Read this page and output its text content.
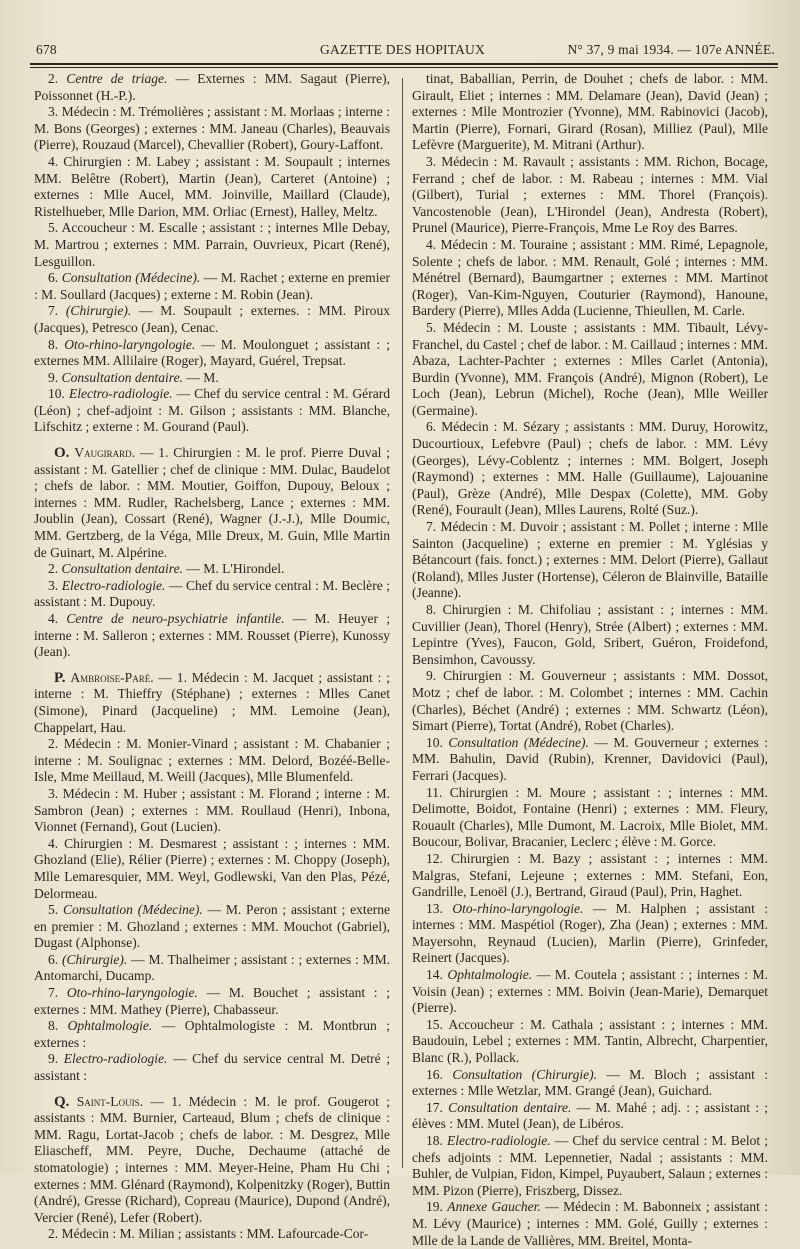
678	GAZETTE DES HOPITAUX	N° 37, 9 mai 1934. — 107e ANNÉE.

2. Centre de triage. — Externes : MM. Sagaut (Pierre), Poissonnet (H.-P.).

3. Médecin : M. Trémolières ; assistant : M. Morlaas ; interne : M. Bons (Georges) ; externes : MM. Janeau (Charles), Beauvais (Pierre), Rouzaud (Marcel), Chevallier (Robert), Goury-Laffont.

4. Chirurgien : M. Labey ; assistant : M. Soupault ; internes MM. Belêtre (Robert), Martin (Jean), Carteret (Antoine) ; externes : Mlle Aucel, MM. Joinville, Maillard (Claude), Ristelhueber, Mlle Darion, MM. Orliac (Ernest), Halley, Meltz.

5. Accoucheur : M. Escalle ; assistant : ; internes Mlle Debay, M. Martrou ; externes : MM. Parrain, Ouvrieux, Picart (René), Lesguillon.

6. Consultation (Médecine). — M. Rachet ; externe en premier : M. Soullard (Jacques) ; externe : M. Robin (Jean).

7. (Chirurgie). — M. Soupault ; externes. : MM. Piroux (Jacques), Petresco (Jean), Cenac.

8. Oto-rhino-laryngologie. — M. Moulonguet ; assistant : ; externes MM. Allilaire (Roger), Mayard, Guérel, Trepsat.

9. Consultation dentaire. — M.

10. Electro-radiologie. — Chef du service central : M. Gérard (Léon) ; chef-adjoint : M. Gilson ; assistants : MM. Blanche, Lifschitz ; externe : M. Gourand (Paul).

O. Vaugirard. — 1. Chirurgien : M. le prof. Pierre Duval ; assistant : M. Gatellier ; chef de clinique : MM. Dulac, Baudelot ; chefs de labor. : MM. Moutier, Goiffon, Dupouy, Beloux ; internes : MM. Rudler, Rachelsberg, Lance ; externes : MM. Joublin (Jean), Cossart (René), Wagner (J.-J.), Mlle Doumic, MM. Gertzberg, de la Véga, Mlle Dreux, M. Guin, Mlle Martin de Guinart, M. Alpérine.

2. Consultation dentaire. — M. L'Hirondel.

3. Electro-radiologie. — Chef du service central : M. Beclère ; assistant : M. Dupouy.

4. Centre de neuro-psychiatrie infantile. — M. Heuyer ; interne : M. Salleron ; externes : MM. Rousset (Pierre), Kunossy (Jean).

P. Ambroise-Paré. — 1. Médecin : M. Jacquet ; assistant : ; interne : M. Thieffry (Stéphane) ; externes : Mlles Canet (Simone), Pinard (Jacqueline) ; MM. Lemoine (Jean), Chappelart, Hau.

2. Médecin : M. Monier-Vinard ; assistant : M. Chabanier ; interne : M. Soulignac ; externes : MM. Delord, Bozéé-Belle-Isle, Mme Meillaud, M. Weill (Jacques), Mlle Blumenfeld.

3. Médecin : M. Huber ; assistant : M. Florand ; interne : M. Sambron (Jean) ; externes : MM. Roullaud (Henri), Inbona, Vionnet (Fernand), Gout (Lucien).

4. Chirurgien : M. Desmarest ; assistant : ; internes : MM. Ghozland (Elie), Rélier (Pierre) ; externes : M. Choppy (Joseph), Mlle Lemaresquier, MM. Weyl, Godlewski, Van den Plas, Pézé, Delormeau.

5. Consultation (Médecine). — M. Peron ; assistant ; externe en premier : M. Ghozland ; externes : MM. Mouchot (Gabriel), Dugast (Alphonse).

6. (Chirurgie). — M. Thalheimer ; assistant : ; externes : MM. Antomarchi, Ducamp.

7. Oto-rhino-laryngologie. — M. Bouchet ; assistant : ; externes : MM. Mathey (Pierre), Chabasseur.

8. Ophtalmologie. — Ophtalmologiste : M. Montbrun ; externes :

9. Electro-radiologie. — Chef du service central M. Detré ; assistant :

Q. Saint-Louis. — 1. Médecin : M. le prof. Gougerot ; assistants : MM. Burnier, Carteaud, Blum ; chefs de clinique : MM. Ragu, Lortat-Jacob ; chefs de labor. : M. Desgrez, Mlle Eliascheff, MM. Peyre, Duche, Dechaume (attaché de stomatologie) ; internes : MM. Meyer-Heine, Pham Hu Chi ; externes : MM. Glénard (Raymond), Kolpenitzky (Roger), Buttin (André), Gresse (Richard), Copreau (Maurice), Dupond (André), Vercier (René), Lefer (Robert).

2. Médecin : M. Milian ; assistants : MM. Lafourcade-Cor-

tinat, Baballian, Perrin, de Douhet ; chefs de labor. : MM. Girault, Eliet ; internes : MM. Delamare (Jean), David (Jean) ; externes : Mlle Montrozier (Yvonne), MM. Rabinovici (Jacob), Martin (Pierre), Fornari, Girard (Rosan), Milliez (Paul), Mlle Lefèvre (Marguerite), M. Mitrani (Arthur).

3. Médecin : M. Ravault ; assistants : MM. Richon, Bocage, Ferrand ; chef de labor. : M. Rabeau ; internes : MM. Vial (Gilbert), Turial ; externes : MM. Thorel (François). Vancostenoble (Jean), L'Hirondel (Jean), Andresta (Robert), Prunel (Maurice), Pierre-François, Mme Le Roy des Barres.

4. Médecin : M. Touraine ; assistant : MM. Rimé, Lepagnole, Solente ; chefs de labor. : MM. Renault, Golé ; internes : MM. Ménétrel (Bernard), Baumgartner ; externes : MM. Martinot (Roger), Van-Kim-Nguyen, Couturier (Raymond), Hanoune, Bardery (Pierre), Mlles Adda (Lucienne, Thieullen, M. Carle.

5. Médecin : M. Louste ; assistants : MM. Tibault, Lévy-Franchel, du Castel ; chef de labor. : M. Caillaud ; internes : MM. Abaza, Lachter-Pachter ; externes : Mlles Carlet (Antonia), Burdin (Yvonne), MM. François (André), Mignon (Robert), Le Loch (Jean), Lebrun (Michel), Roche (Jean), Mlle Weiller (Germaine).

6. Médecin : M. Sézary ; assistants : MM. Duruy, Horowitz, Ducourtioux, Lefebvre (Paul) ; chefs de labor. : MM. Lévy (Georges), Lévy-Coblentz ; internes : MM. Bolgert, Joseph (Raymond) ; externes : MM. Halle (Guillaume), Lajouanine (Paul), Grèze (André), Mlle Despax (Colette), MM. Goby (René), Fourault (Jean), Mlles Laurens, Rolté (Suz.).

7. Médecin : M. Duvoir ; assistant : M. Pollet ; interne : Mlle Sainton (Jacqueline) ; externe en premier : M. Yglésias y Bétancourt (fais. fonct.) ; externes : MM. Delort (Pierre), Gallaut (Roland), Mlles Juster (Hortense), Céleron de Blainville, Bataille (Jeanne).

8. Chirurgien : M. Chifoliau ; assistant : ; internes : MM. Cuvillier (Jean), Thorel (Henry), Strée (Albert) ; externes : MM. Lepintre (Yves), Faucon, Gold, Sribert, Guéron, Froidefond, Bensimhon, Cavoussy.

9. Chirurgien : M. Gouverneur ; assistants : MM. Dossot, Motz ; chef de labor. : M. Colombet ; internes : MM. Cachin (Charles), Béchet (André) ; externes : MM. Schwartz (Léon), Simart (Pierre), Tortat (André), Robet (Charles).

10. Consultation (Médecine). — M. Gouverneur ; externes : MM. Bahulin, David (Rubin), Krenner, Davidovici (Paul), Ferrari (Jacques).

11. Chirurgien : M. Moure ; assistant : ; internes : MM. Delimotte, Boidot, Fontaine (Henri) ; externes : MM. Fleury, Rouault (Charles), Mlle Dumont, M. Lacroix, Mlle Biolet, MM. Boucour, Bolivar, Bracanier, Leclerc ; élève : M. Gorce.

12. Chirurgien : M. Bazy ; assistant : ; internes : MM. Malgras, Stefani, Lejeune ; externes : MM. Stefani, Eon, Gandrille, Lenoël (J.), Bertrand, Giraud (Paul), Prin, Haghet.

13. Oto-rhino-laryngologie. — M. Halphen ; assistant : internes : MM. Maspétiol (Roger), Zha (Jean) ; externes : MM. Mayersohn, Reynaud (Lucien), Marlin (Pierre), Grinfeder, Reinert (Jacques).

14. Ophtalmologie. — M. Coutela ; assistant : ; internes : M. Voisin (Jean) ; externes : MM. Boivin (Jean-Marie), Demarquet (Pierre).

15. Accoucheur : M. Cathala ; assistant : ; internes : MM. Baudouin, Lebel ; externes : MM. Tantin, Albrecht, Charpentier, Blanc (R.), Pollack.

16. Consultation (Chirurgie). — M. Bloch ; assistant : externes : Mlle Wetzlar, MM. Grangé (Jean), Guichard.

17. Consultation dentaire. — M. Mahé ; adj. : ; assistant : ; élèves : MM. Mutel (Jean), de Libéros.

18. Electro-radiologie. — Chef du service central : M. Belot ; chefs adjoints : MM. Lepennetier, Nadal ; assistants : MM. Buhler, de Vulpian, Fidon, Kimpel, Puyaubert, Salaun ; externes : MM. Pizon (Pierre), Friszberg, Dissez.

19. Annexe Gaucher. — Médecin : M. Babonneix ; assistant : M. Lévy (Maurice) ; internes : MM. Golé, Guilly ; externes : Mlle de la Lande de Vallières, MM. Breitel, Monta-
